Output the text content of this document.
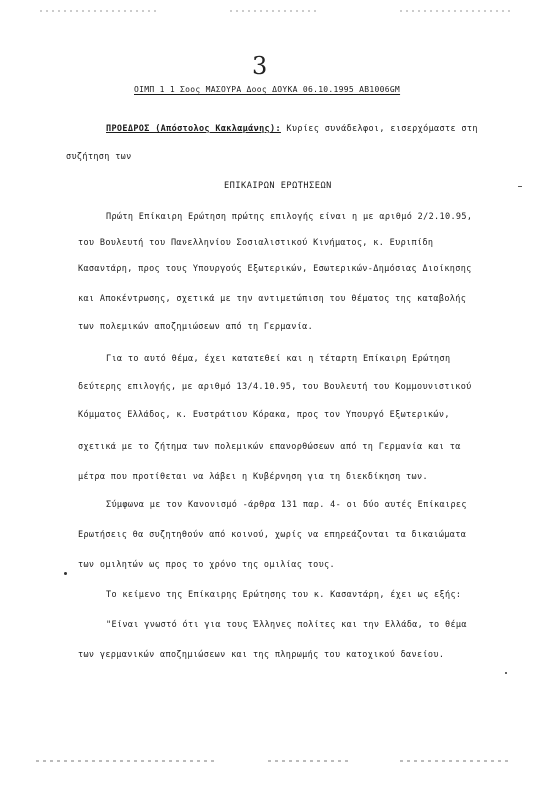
3
ΟΙΜΠ 1 1 Σοος ΜΑΣΟΥΡΑ Δοος ΔΟΥΚΑ 06.10.1995 ΑΒ1006GM
ΠΡΟΕΔΡΟΣ (Απόστολος Κακλαμάνης): Κυρίες συνάδελφοι, εισερχόμαστε στη
συζήτηση των
ΕΠΙΚΑΙΡΩΝ ΕΡΩΤΗΣΕΩΝ
Πρώτη Επίκαιρη Ερώτηση πρώτης επιλογής είναι η με αριθμό 2/2.10.95,
του Βουλευτή του Πανελληνίου Σοσιαλιστικού Κινήματος, κ. Ευριπίδη
Κασαντάρη, προς τους Υπουργούς Εξωτερικών, Εσωτερικών-Δημόσιας Διοίκησης
και Αποκέντρωσης, σχετικά με την αντιμετώπιση του θέματος της καταβολής
των πολεμικών αποζημιώσεων από τη Γερμανία.
Για το αυτό θέμα, έχει κατατεθεί και η τέταρτη Επίκαιρη Ερώτηση
δεύτερης επιλογής, με αριθμό 13/4.10.95, του Βουλευτή του Κομμουνιστικού
Κόμματος Ελλάδος, κ. Ευστράτιου Κόρακα, προς τον Υπουργό Εξωτερικών,
σχετικά με το ζήτημα των πολεμικών επανορθώσεων από τη Γερμανία και τα
μέτρα που προτίθεται να λάβει η Κυβέρνηση για τη διεκδίκηση των.
Σύμφωνα με τον Κανονισμό -άρθρα 131 παρ. 4- οι δύο αυτές Επίκαιρες
Ερωτήσεις θα συζητηθούν από κοινού, χωρίς να επηρεάζονται τα δικαιώματα
των ομιλητών ως προς το χρόνο της ομιλίας τους.
Το κείμενο της Επίκαιρης Ερώτησης του κ. Κασαντάρη, έχει ως εξής:
"Είναι γνωστό ότι για τους Έλληνες πολίτες και την Ελλάδα, το θέμα
των γερμανικών αποζημιώσεων και της πληρωμής του κατοχικού δανείου.
